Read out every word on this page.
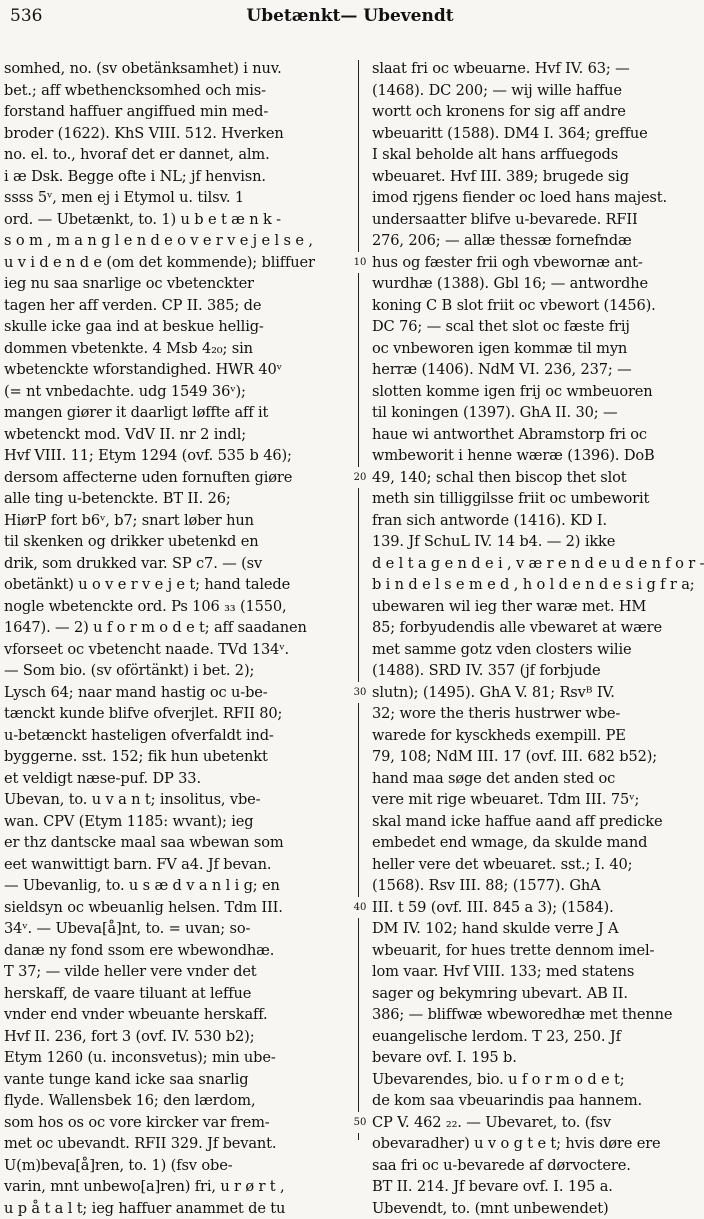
536	Ubetænkt— Ubevendt
somhed, no. (sv obetänksamhet) i nuv.
bet.; aff wbethencksomhed och mis-
forstand haffuer angiffued min med-
broder (1622). KhS VIII. 512. Hverken
no. el. to., hvoraf det er dannet, alm.
i æ Dsk. Begge ofte i NL; jf henvisn.
ssss 5ᵛ, men ej i Etymol u. tilsv. 1
ord. — Ubetænkt, to. 1) u b e t æ n k -
s o m , m a n g l e n d e o v e r v e j e l s e ,
u v i d e n d e (om det kommende); bliffuer
ieg nu saa snarlige oc vbetenckter
tagen her aff verden. CP II. 385; de
skulle icke gaa ind at beskue hellig-
dommen vbetenkte. 4 Msb 4₂₀; sin
wbetenckte wforstandighed. HWR 40ᵛ
(= nt vnbedachte. udg 1549 36ᵛ);
mangen giører it daarligt løffte aff it
wbetenckt mod. VdV II. nr 2 indl;
Hvf VIII. 11; Etym 1294 (ovf. 535 b 46);
dersom affecterne uden fornuften giøre
alle ting u-betenckte. BT II. 26;
HiørP fort b6ᵛ, b7; snart løber hun
til skenken og drikker ubetenkd en
drik, som drukked var. SP c7. — (sv
obetänkt) u o v e r v e j e t; hand talede
nogle wbetenckte ord. Ps 106 ₃₃ (1550,
1647). — 2) u f o r m o d e t; aff saadanen
vforseet oc vbetencht naade. TVd 134ᵛ.
— Som bio. (sv oförtänkt) i bet. 2);
Lysch 64; naar mand hastig oc u-be-
tænckt kunde blifve ofverjlet. RFII 80;
u-betænckt hasteligen ofverfaldt ind-
byggerne. sst. 152; fik hun ubetenkt
et veldigt næse-puf. DP 33.
Ubevan, to. u v a n t; insolitus, vbe-
wan. CPV (Etym 1185: wvant); ieg
er thz dantscke maal saa wbewan som
eet wanwittigt barn. FV a4. Jf bevan.
— Ubevanlig, to. u s æ d v a n l i g; en
sieldsyn oc wbeuanlig helsen. Tdm III.
34ᵛ. — Ubeva[å]nt, to. = uvan; so-
danæ ny fond ssom ere wbewondhæ.
T 37; — vilde heller vere vnder det
herskaff, de vaare tiluant at leffue
vnder end vnder wbeuante herskaff.
Hvf II. 236, fort 3 (ovf. IV. 530 b2);
Etym 1260 (u. inconsvetus); min ube-
vante tunge kand icke saa snarlig
flyde. Wallensbek 16; den lærdom,
som hos os oc vore kircker var frem-
met oc ubevandt. RFII 329. Jf bevant.
U(m)beva[å]ren, to. 1) (fsv obe-
varin, mnt unbewo[a]ren) fri, u r ø r t ,
u p å t a l t; ieg haffuer anammet de tu
10
20
30
40
50
slaat fri oc wbeuarne. Hvf IV. 63; —
(1468). DC 200; — wij wille haffue
wortt och kronens for sig aff andre
wbeuaritt (1588). DM4 I. 364; greffue
I skal beholde alt hans arffuegods
wbeuaret. Hvf III. 389; brugede sig
imod rjgens fiender oc loed hans majest.
undersaatter blifve u-bevarede. RFII
276, 206; — allæ thessæ fornefndæ
hus og fæster frii ogh vbewornæ ant-
wurdhæ (1388). Gbl 16; — antwordhe
koning C B slot friit oc vbewort (1456).
DC 76; — scal thet slot oc fæste frij
oc vnbeworen igen kommæ til myn
herræ (1406). NdM VI. 236, 237; —
slotten komme igen frij oc wmbeuoren
til koningen (1397). GhA II. 30; —
haue wi antworthet Abramstorp fri oc
wmbeworit i henne wæræ (1396). DoB
49, 140; schal then biscop thet slot
meth sin tilliggilsse friit oc umbeworit
fran sich antworde (1416). KD I.
139. Jf SchuL IV. 14 b4. — 2) ikke
d e l t a g e n d e i , v æ r e n d e u d e n f o r -
b i n d e l s e m e d , h o l d e n d e s i g f r a;
ubewaren wil ieg ther waræ met. HM
85; forbyudendis alle vbewaret at wære
met samme gotz vden closters wilie
(1488). SRD IV. 357 (jf forbjude
slutn); (1495). GhA V. 81; Rsvᴮ IV.
32; wore the theris hustrwer wbe-
warede for kysckheds exempill. PE
79, 108; NdM III. 17 (ovf. III. 682 b52);
hand maa søge det anden sted oc
vere mit rige wbeuaret. Tdm III. 75ᵛ;
skal mand icke haffue aand aff predicke
embedet end wmage, da skulde mand
heller vere det wbeuaret. sst.; I. 40;
(1568). Rsv III. 88; (1577). GhA
III. t 59 (ovf. III. 845 a 3); (1584).
DM IV. 102; hand skulde verre J A
wbeuarit, for hues trette dennom imel-
lom vaar. Hvf VIII. 133; med statens
sager og bekymring ubevart. AB II.
386; — bliffwæ wbeworedhæ met thenne
euangelische lerdom. T 23, 250. Jf
bevare ovf. I. 195 b.
Ubevarendes, bio. u f o r m o d e t;
de kom saa vbeuarindis paa hannem.
CP V. 462 ₂₂. — Ubevaret, to. (fsv
obevaradher) u v o g t e t; hvis døre ere
saa fri oc u-bevarede af dørvoctere.
BT II. 214. Jf bevare ovf. I. 195 a.
Ubevendt, to. (mnt unbewendet)
